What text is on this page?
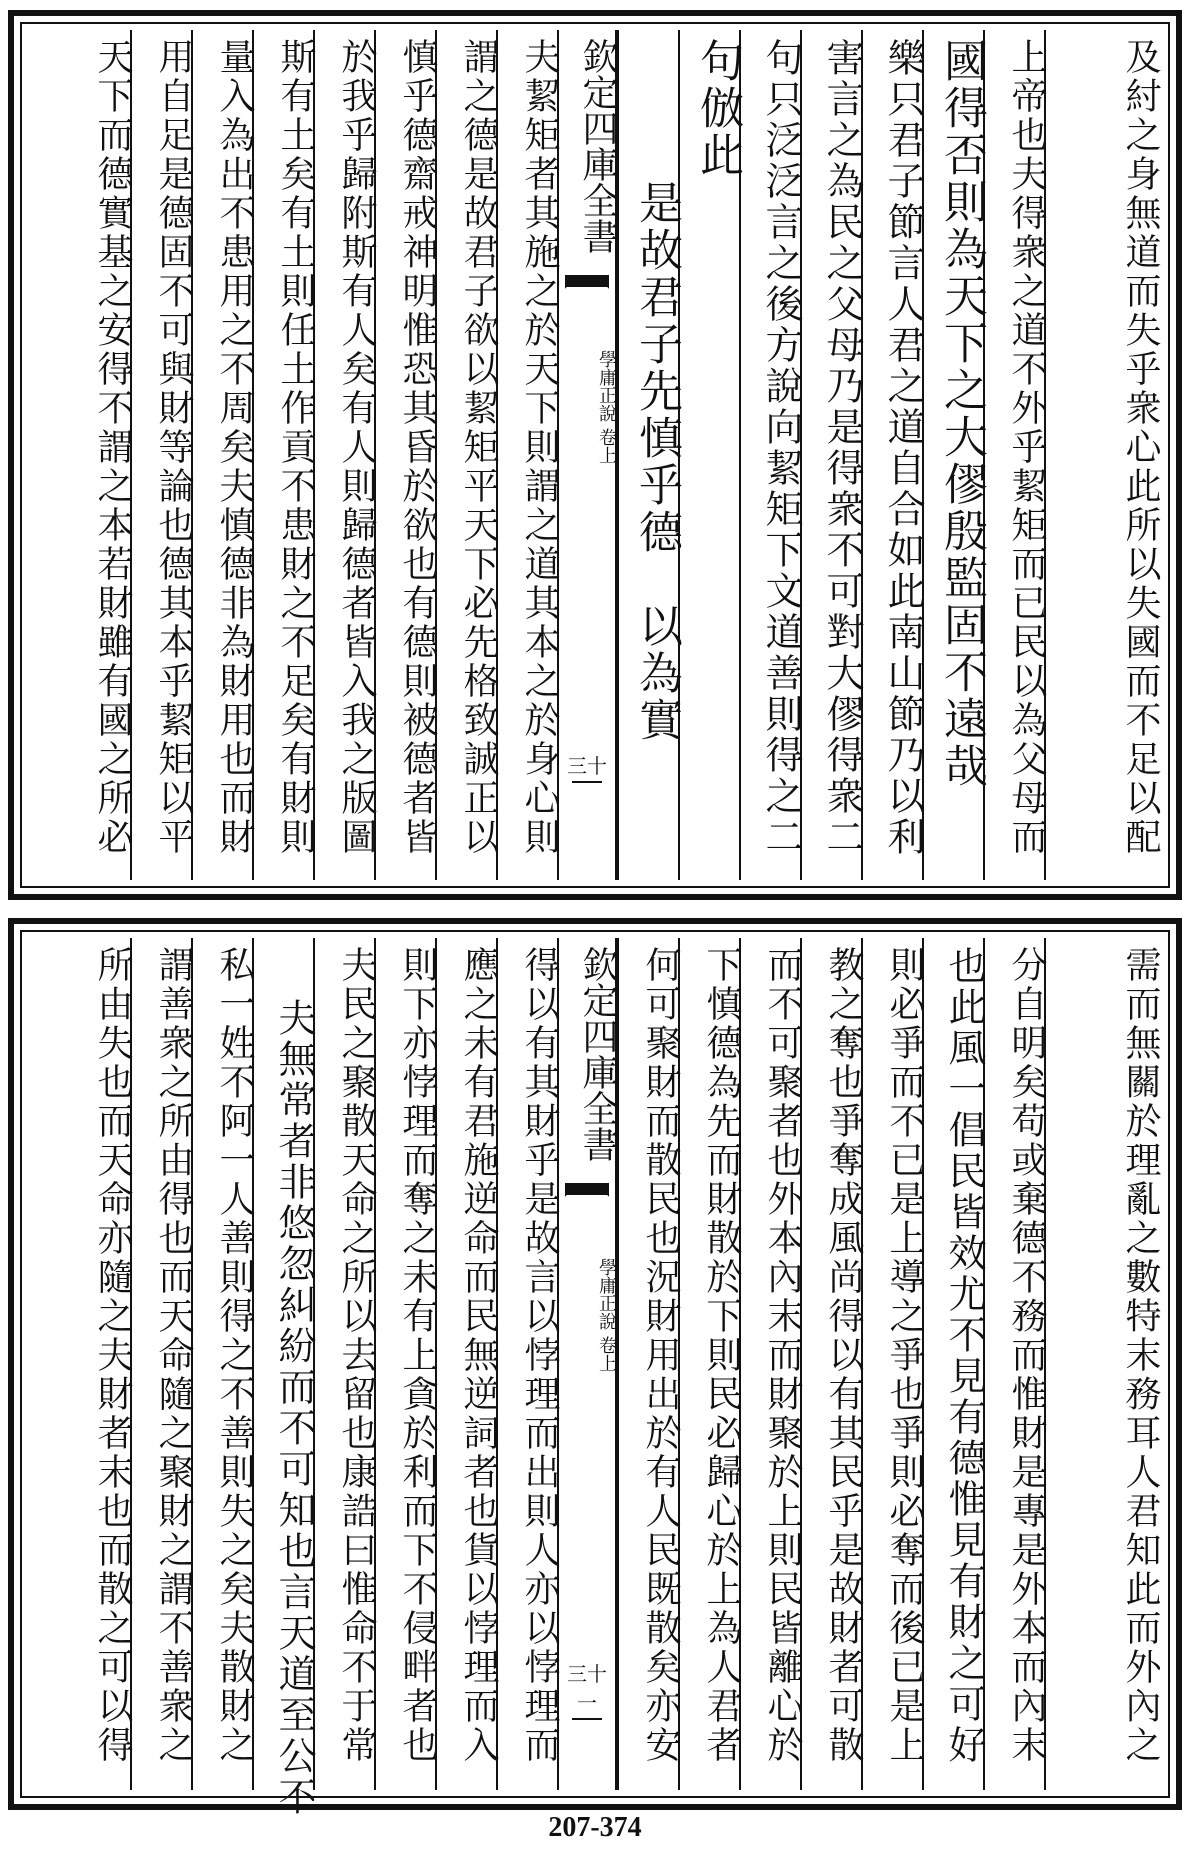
及紂之身無道而失乎衆心此所以失國而不足以配
上帝也夫得衆之道不外乎絜矩而已民以為父母而
國得否則為天下之大僇殷監固不遠哉
樂只君子節言人君之道自合如此南山節乃以利
害言之為民之父母乃是得衆不可對大僇得衆二
句只泛泛言之後方說向絜矩下文道善則得之二
句倣此
是故君子先慎乎德　以為實
欽定四庫全書
學庸正說
卷上
三十
夫絜矩者其施之於天下則謂之道其本之於身心則
謂之德是故君子欲以絜矩平天下必先格致誠正以
慎乎德齋戒神明惟恐其昏於欲也有德則被德者皆
於我乎歸附斯有人矣有人則歸德者皆入我之版圖
斯有土矣有土則任土作貢不患財之不足矣有財則
量入為出不患用之不周矣夫慎德非為財用也而財
用自足是德固不可與財等論也德其本乎絜矩以平
天下而德實基之安得不謂之本若財雖有國之所必
需而無關於理亂之數特末務耳人君知此而外內之
分自明矣苟或棄德不務而惟財是專是外本而內末
也此風一倡民皆效尤不見有德惟見有財之可好
則必爭而不已是上導之爭也爭則必奪而後已是上
教之奪也爭奪成風尚得以有其民乎是故財者可散
而不可聚者也外本內末而財聚於上則民皆離心於
下慎德為先而財散於下則民必歸心於上為人君者
何可聚財而散民也況財用出於有人民既散矣亦安
欽定四庫全書
學庸正說
卷上
三十一
得以有其財乎是故言以悖理而出則人亦以悖理而
應之未有君施逆命而民無逆詞者也貨以悖理而入
則下亦悖理而奪之未有上貪於利而下不侵畔者也
夫民之聚散天命之所以去留也康誥曰惟命不于常
夫無常者非悠忽糾紛而不可知也言天道至公不
私一姓不阿一人善則得之不善則失之矣夫散財之
謂善衆之所由得也而天命隨之聚財之謂不善衆之
所由失也而天命亦隨之夫財者末也而散之可以得
207-374
